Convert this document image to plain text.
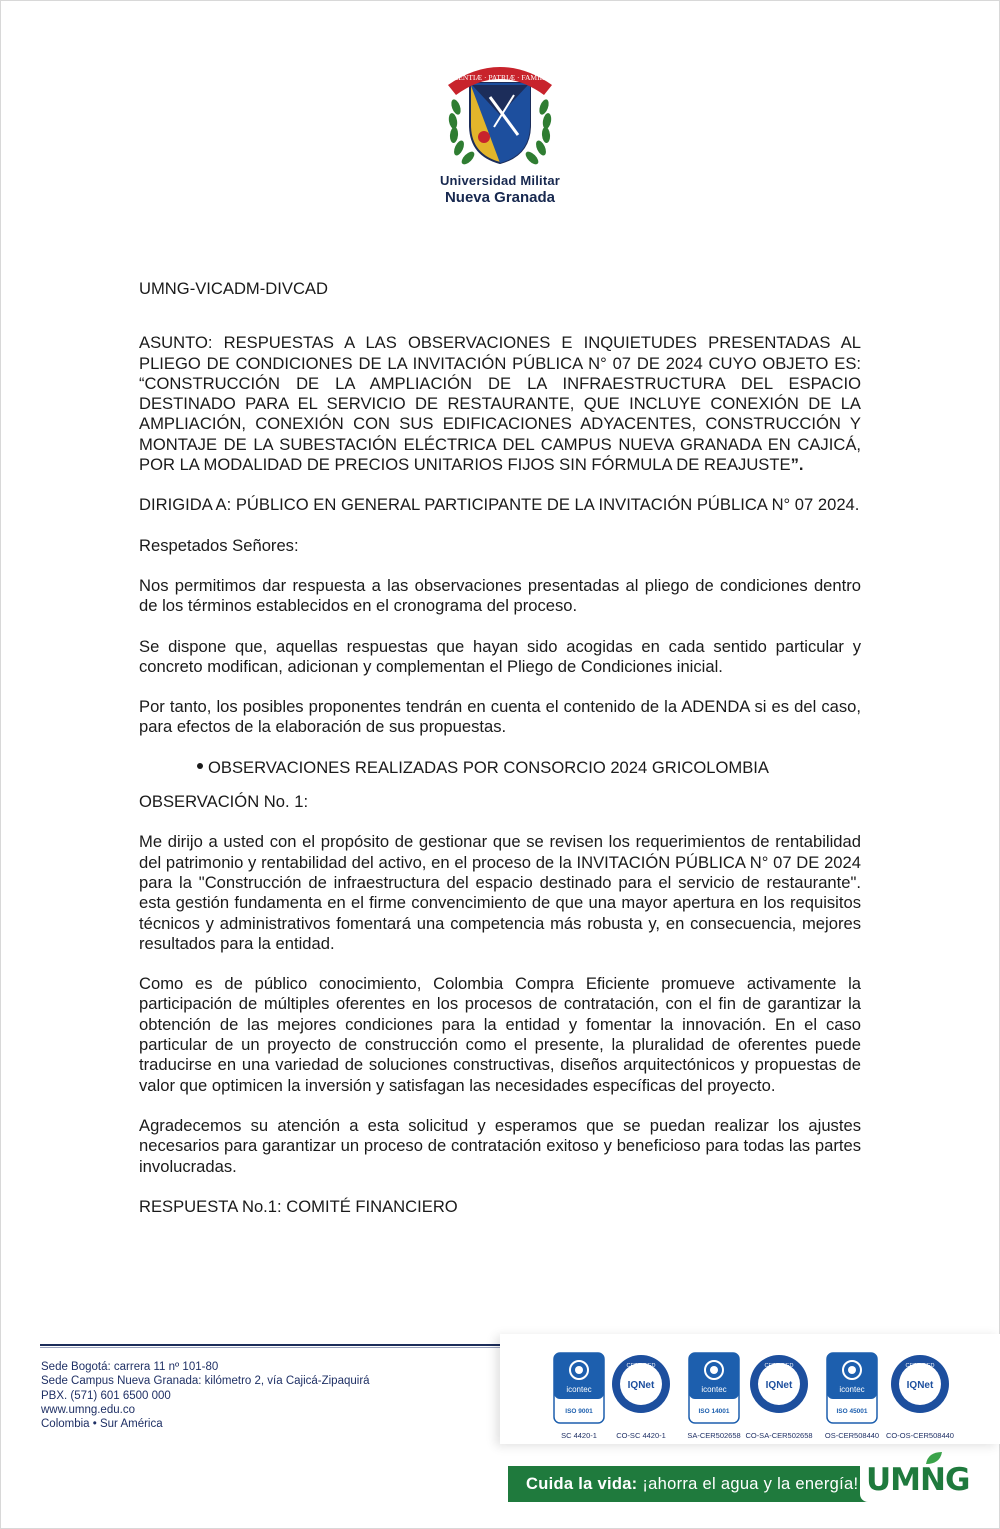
SCIENTIÆ · PATRIÆ · FAMILIÆ
Universidad Militar
Nueva Granada

UMNG-VICADM-DIVCAD

ASUNTO: RESPUESTAS A LAS OBSERVACIONES E INQUIETUDES PRESENTADAS AL PLIEGO DE CONDICIONES DE LA INVITACIÓN PÚBLICA N° 07 DE 2024 CUYO OBJETO ES: “CONSTRUCCIÓN DE LA AMPLIACIÓN DE LA INFRAESTRUCTURA DEL ESPACIO DESTINADO PARA EL SERVICIO DE RESTAURANTE, QUE INCLUYE CONEXIÓN DE LA AMPLIACIÓN, CONEXIÓN CON SUS EDIFICACIONES ADYACENTES, CONSTRUCCIÓN Y MONTAJE DE LA SUBESTACIÓN ELÉCTRICA DEL CAMPUS NUEVA GRANADA EN CAJICÁ, POR LA MODALIDAD DE PRECIOS UNITARIOS FIJOS SIN FÓRMULA DE REAJUSTE”.

DIRIGIDA A: PÚBLICO EN GENERAL PARTICIPANTE DE LA INVITACIÓN PÚBLICA N° 07 2024.

Respetados Señores:

Nos permitimos dar respuesta a las observaciones presentadas al pliego de condiciones dentro de los términos establecidos en el cronograma del proceso.

Se dispone que, aquellas respuestas que hayan sido acogidas en cada sentido particular y concreto modifican, adicionan y complementan el Pliego de Condiciones inicial.

Por tanto, los posibles proponentes tendrán en cuenta el contenido de la ADENDA si es del caso, para efectos de la elaboración de sus propuestas.

OBSERVACIONES REALIZADAS POR CONSORCIO 2024 GRICOLOMBIA

OBSERVACIÓN No. 1:

Me dirijo a usted con el propósito de gestionar que se revisen los requerimientos de rentabilidad del patrimonio y rentabilidad del activo, en el proceso de la INVITACIÓN PÚBLICA N° 07 DE 2024 para la "Construcción de infraestructura del espacio destinado para el servicio de restaurante". esta gestión fundamenta en el firme convencimiento de que una mayor apertura en los requisitos técnicos y administrativos fomentará una competencia más robusta y, en consecuencia, mejores resultados para la entidad.

Como es de público conocimiento, Colombia Compra Eficiente promueve activamente la participación de múltiples oferentes en los procesos de contratación, con el fin de garantizar la obtención de las mejores condiciones para la entidad y fomentar la innovación. En el caso particular de un proyecto de construcción como el presente, la pluralidad de oferentes puede traducirse en una variedad de soluciones constructivas, diseños arquitectónicos y propuestas de valor que optimicen la inversión y satisfagan las necesidades específicas del proyecto.

Agradecemos su atención a esta solicitud y esperamos que se puedan realizar los ajustes necesarios para garantizar un proceso de contratación exitoso y beneficioso para todas las partes involucradas.

RESPUESTA No.1: COMITÉ FINANCIERO

Sede Bogotá: carrera 11 nº 101-80
Sede Campus Nueva Granada: kilómetro 2, vía Cajicá-Zipaquirá
PBX. (571) 601 6500 000
www.umng.edu.co
Colombia • Sur América
icontec
ISO 9001
CERTIFIED
IQNet	icontec
ISO 14001
CERTIFIED
IQNet	icontec
ISO 45001
CERTIFIED
IQNet
SC 4420-1	CO-SC 4420-1	SA-CER502658 CO-SA-CER502658	OS-CER508440 CO-OS-CER508440
Cuida la vida: ¡ahorra el agua y la energía! UMNG
